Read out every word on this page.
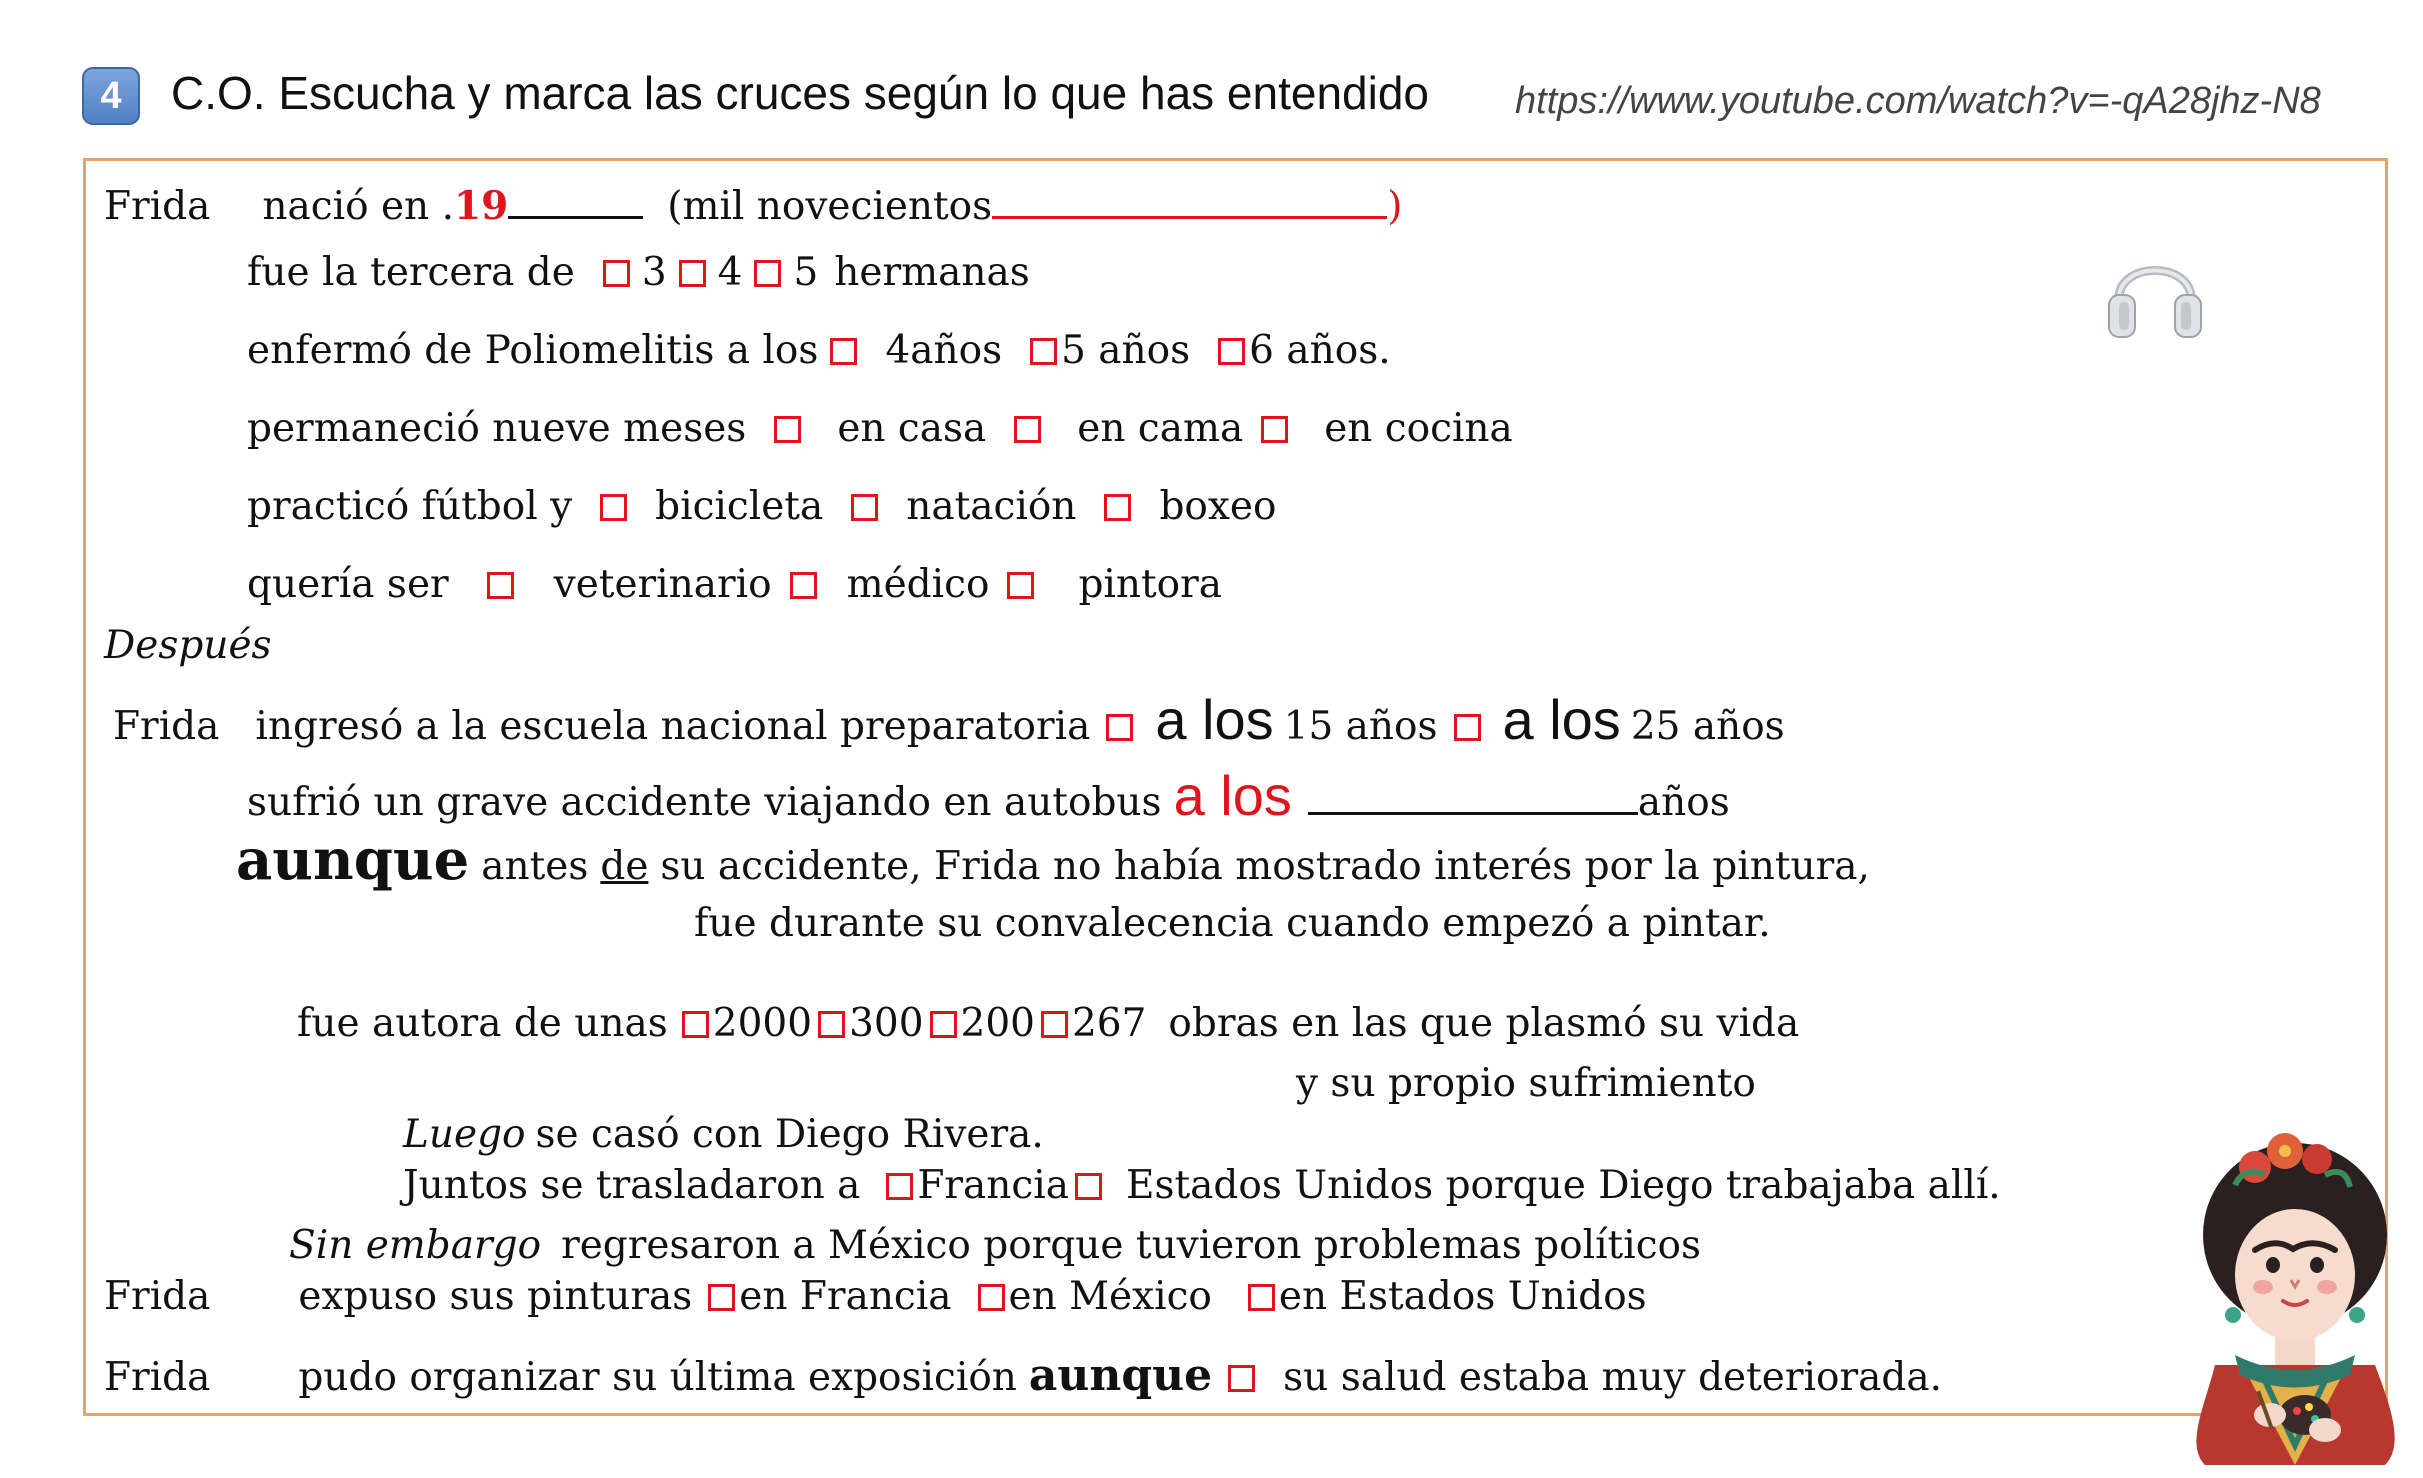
4	C.O. Escucha y marca las cruces según lo que has entendido https://www.youtube.com/watch?v=-qA28jhz-N8
Frida nació en .19	(mil novecientos	)
fue la tercera de 3 4 5 hermanas
enfermó de Poliomelitis a los 4años 5 años 6 años.
permaneció nueve meses en casa en cama en cocina
practicó fútbol y bicicleta natación boxeo
quería ser	veterinario médico pintora
Después
Frida ingresó a la escuela nacional preparatoria a los 15 años a los 25 años
sufrió un grave accidente viajando en autobus a los	años
aunque antes de su accidente, Frida no había mostrado interés por la pintura,
fue durante su convalecencia cuando empezó a pintar.
fue autora de unas 2000 300 200 267 obras en las que plasmó su vida
y su propio sufrimiento
Luego se casó con Diego Rivera.
Juntos se trasladaron a Francia Estados Unidos porque Diego trabajaba allí.
Sin embargo regresaron a México porque tuvieron problemas políticos
Frida expuso sus pinturas en Francia en México en Estados Unidos
Frida pudo organizar su última exposición aunque su salud estaba muy deteriorada.
